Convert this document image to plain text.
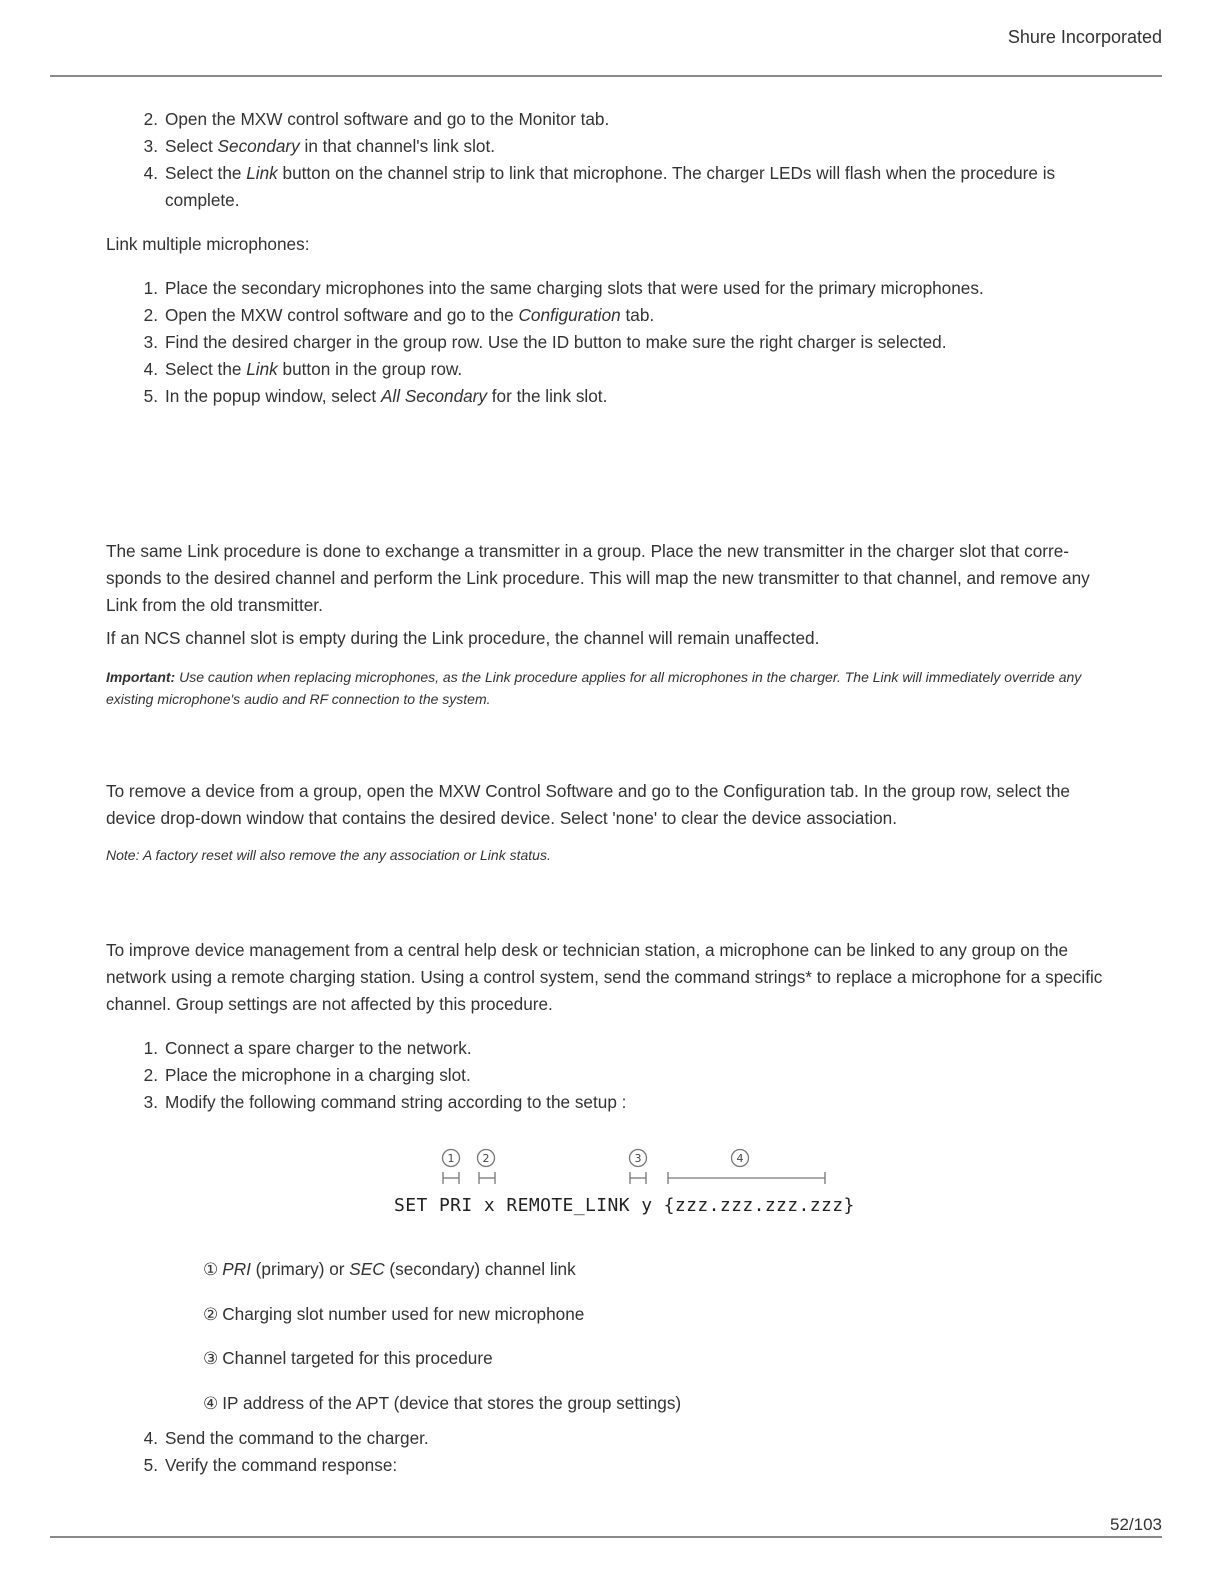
Shure Incorporated
2. Open the MXW control software and go to the Monitor tab.
3. Select Secondary in that channel's link slot.
4. Select the Link button on the channel strip to link that microphone. The charger LEDs will flash when the procedure is complete.

Link multiple microphones:

1. Place the secondary microphones into the same charging slots that were used for the primary microphones.
2. Open the MXW control software and go to the Configuration tab.
3. Find the desired charger in the group row. Use the ID button to make sure the right charger is selected.
4. Select the Link button in the group row.
5. In the popup window, select All Secondary for the link slot.

The same Link procedure is done to exchange a transmitter in a group. Place the new transmitter in the charger slot that corre-sponds to the desired channel and perform the Link procedure. This will map the new transmitter to that channel, and remove any Link from the old transmitter.

If an NCS channel slot is empty during the Link procedure, the channel will remain unaffected.

Important: Use caution when replacing microphones, as the Link procedure applies for all microphones in the charger. The Link will immediately override any existing microphone's audio and RF connection to the system.

To remove a device from a group, open the MXW Control Software and go to the Configuration tab. In the group row, select the device drop-down window that contains the desired device. Select 'none' to clear the device association.

Note: A factory reset will also remove the any association or Link status.

To improve device management from a central help desk or technician station, a microphone can be linked to any group on the network using a remote charging station. Using a control system, send the command strings* to replace a microphone for a specific channel. Group settings are not affected by this procedure.

1. Connect a spare charger to the network.
2. Place the microphone in a charging slot.
3. Modify the following command string according to the setup :
1	2	3	4
SET PRI x REMOTE_LINK y {zzz.zzz.zzz.zzz}
① PRI (primary) or SEC (secondary) channel link
② Charging slot number used for new microphone
③ Channel targeted for this procedure
④ IP address of the APT (device that stores the group settings)
4. Send the command to the charger.
5. Verify the command response:
52/103
